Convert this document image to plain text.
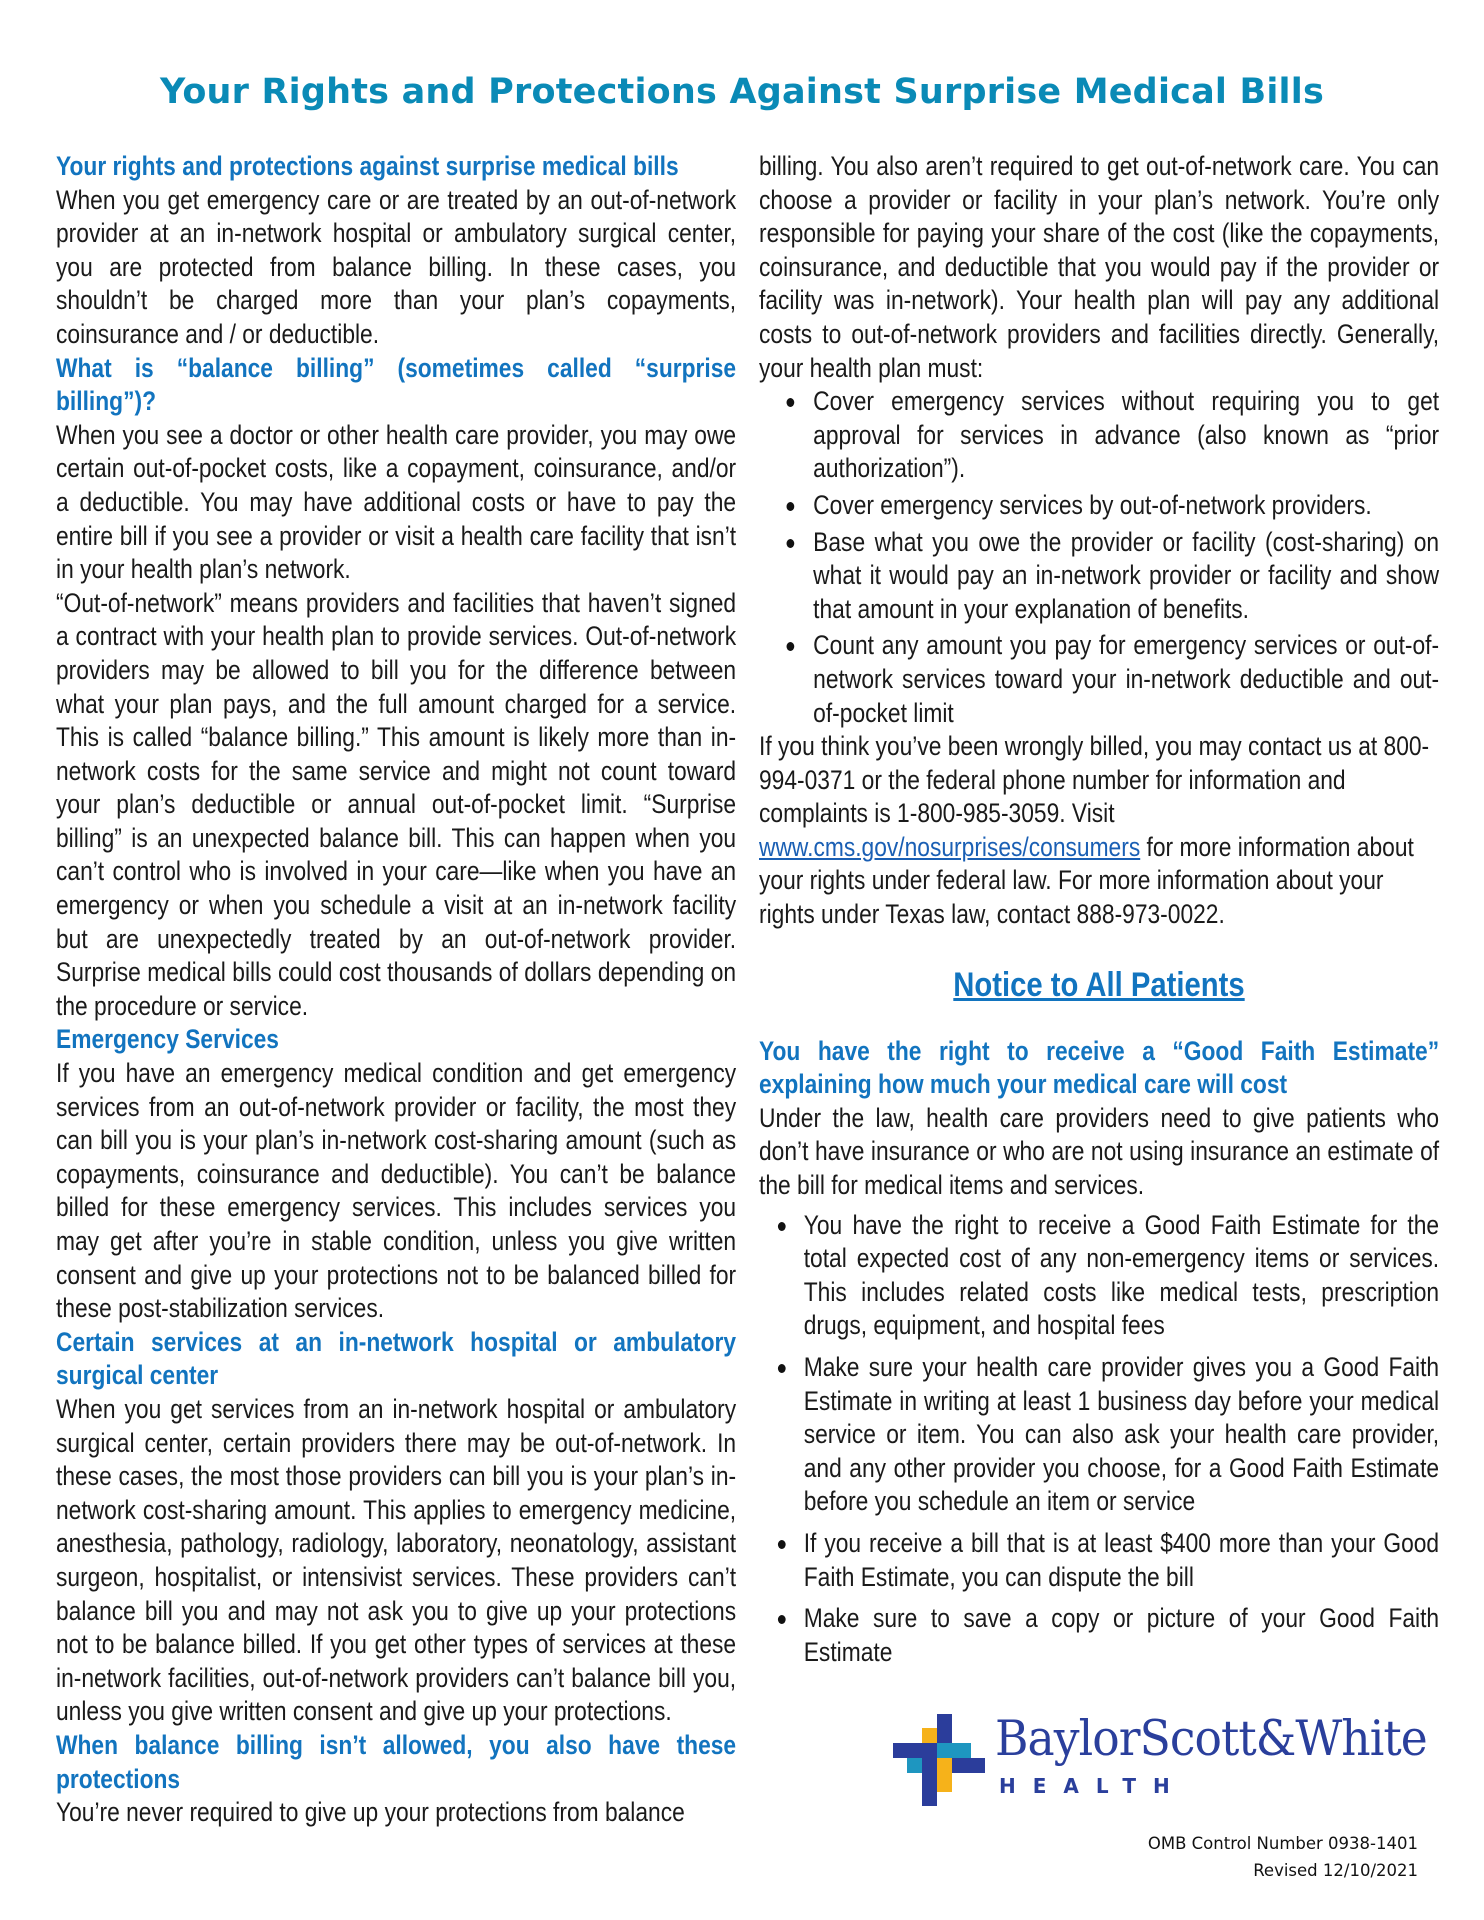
Your Rights and Protections Against Surprise Medical Bills
Your rights and protections against surprise medical bills

When you get emergency care or are treated by an out-of-network provider at an in-network hospital or ambulatory surgical center, you are protected from balance billing. In these cases, you shouldn’t be charged more than your plan’s copayments, coinsurance and / or deductible.

What is “balance billing” (sometimes called “surprise billing”)?

When you see a doctor or other health care provider, you may owe certain out-of-pocket costs, like a copayment, coinsurance, and/or a deductible. You may have additional costs or have to pay the entire bill if you see a provider or visit a health care facility that isn’t in your health plan’s network.

“Out-of-network” means providers and facilities that haven’t signed a contract with your health plan to provide services. Out-of-network providers may be allowed to bill you for the difference between what your plan pays, and the full amount charged for a service. This is called “balance billing.” This amount is likely more than in-network costs for the same service and might not count toward your plan’s deductible or annual out-of-pocket limit. “Surprise billing” is an unexpected balance bill. This can happen when you can’t control who is involved in your care—like when you have an emergency or when you schedule a visit at an in-network facility but are unexpectedly treated by an out-of-network provider. Surprise medical bills could cost thousands of dollars depending on the procedure or service.

Emergency Services

If you have an emergency medical condition and get emergency services from an out-of-network provider or facility, the most they can bill you is your plan’s in-network cost-sharing amount (such as copayments, coinsurance and deductible). You can’t be balance billed for these emergency services. This includes services you may get after you’re in stable condition, unless you give written consent and give up your protections not to be balanced billed for these post-stabilization services.

Certain services at an in-network hospital or ambulatory surgical center

When you get services from an in-network hospital or ambulatory surgical center, certain providers there may be out-of-network. In these cases, the most those providers can bill you is your plan’s in-network cost-sharing amount. This applies to emergency medicine, anesthesia, pathology, radiology, laboratory, neonatology, assistant surgeon, hospitalist, or intensivist services. These providers can’t balance bill you and may not ask you to give up your protections not to be balance billed. If you get other types of services at these in-network facilities, out-of-network providers can’t balance bill you, unless you give written consent and give up your protections.

When balance billing isn’t allowed, you also have these protections

You’re never required to give up your protections from balance

billing. You also aren’t required to get out-of-network care. You can choose a provider or facility in your plan’s network. You’re only responsible for paying your share of the cost (like the copayments, coinsurance, and deductible that you would pay if the provider or facility was in-network). Your health plan will pay any additional costs to out-of-network providers and facilities directly. Generally, your health plan must:

Cover emergency services without requiring you to get approval for services in advance (also known as “prior authorization”).
Cover emergency services by out-of-network providers.
Base what you owe the provider or facility (cost-sharing) on what it would pay an in-network provider or facility and show that amount in your explanation of benefits.
Count any amount you pay for emergency services or out-of-network services toward your in-network deductible and out-of-pocket limit

If you think you’ve been wrongly billed, you may contact us at 800-994-0371 or the federal phone number for information and complaints is 1-800-985-3059. Visit
www.cms.gov/nosurprises/consumers for more information about your rights under federal law. For more information about your rights under Texas law, contact 888-973-0022.

Notice to All Patients
You have the right to receive a “Good Faith Estimate” explaining how much your medical care will cost

Under the law, health care providers need to give patients who don’t have insurance or who are not using insurance an estimate of the bill for medical items and services.

You have the right to receive a Good Faith Estimate for the total expected cost of any non-emergency items or services. This includes related costs like medical tests, prescription drugs, equipment, and hospital fees
Make sure your health care provider gives you a Good Faith Estimate in writing at least 1 business day before your medical service or item. You can also ask your health care provider, and any other provider you choose, for a Good Faith Estimate before you schedule an item or service
If you receive a bill that is at least $400 more than your Good Faith Estimate, you can dispute the bill
Make sure to save a copy or picture of your Good Faith Estimate
BaylorScott&White
HEALTH
OMB Control Number 0938-1401
Revised 12/10/2021
